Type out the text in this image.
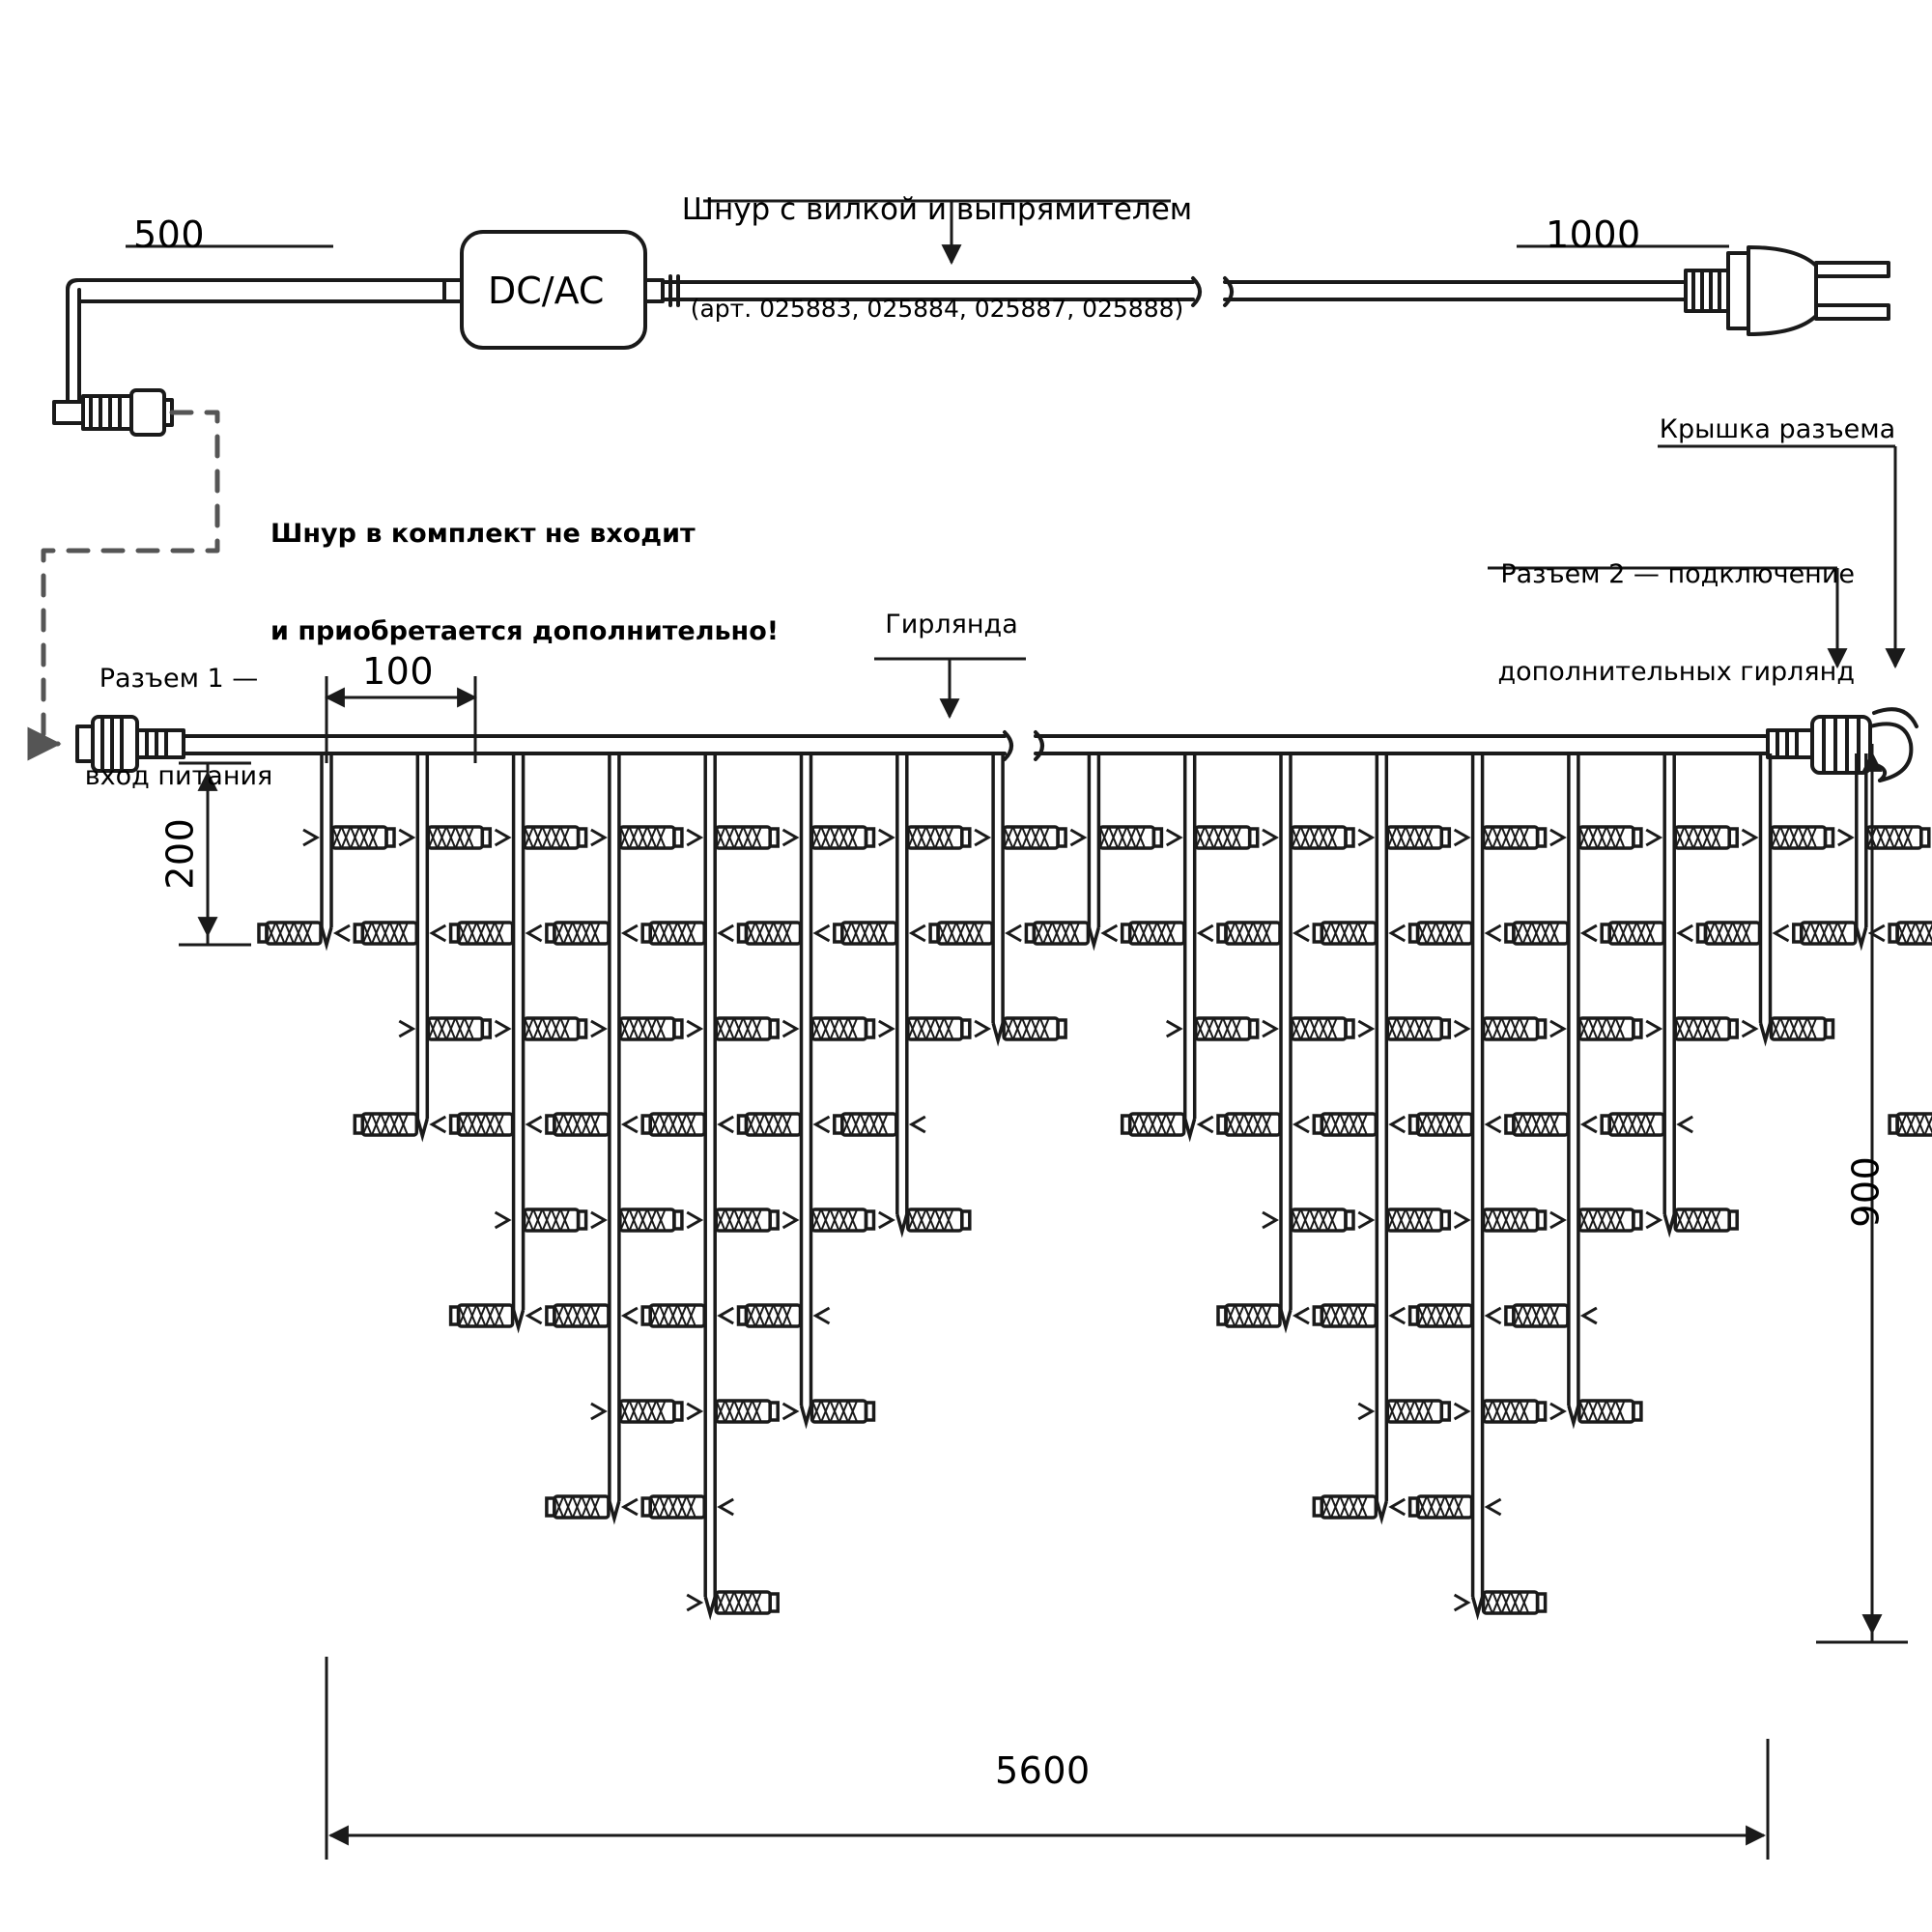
Шнур с вилкой и выпрямителем

(арт. 025883, 025884, 025887, 025888)

500	1000
DC/AC

Шнур в комплект не входит

и приобретается дополнительно!

Крышка разъема

Разъем 2 — подключение

дополнительных гирлянд

Разъем 1 —

вход питания

Гирлянда
100
200
900
5600
